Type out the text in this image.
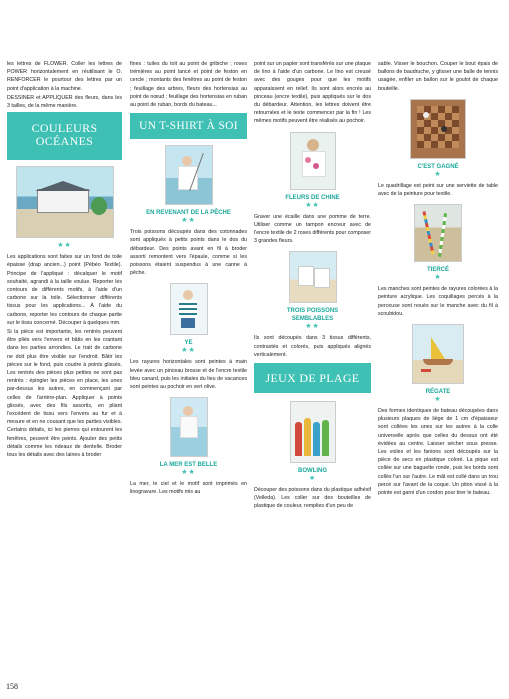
les lettres de FLOWER. Coller les lettres de POWER horizontalement en réutilisant le O. RENFORCER le pourtour des lettres par un point d'application à la machine.

DESSINER et APPLIQUER des fleurs, dans les 3 tailles, de la même manière.

COULEURS OCÉANES
★★

Les applications sont faites sur un fond de toile épaisse (drap ancien...) point (Pébéo Textile). Principe de l'appliqué : décalquer le motif souhaité, agrandi à la taille voulue. Reporter les contours de différents motifs, à l'aide d'un carbone sur la toile. Sélectionner différents tissus pour les applications... À l'aide du carbone, reporter les contours de chaque partie sur le tissu concerné. Découper à quelques mm.

Si la pièce est importante, les rentrés peuvent être pliés vers l'envers et bâtis en les crantant dans les parties arrondies. Le trait de carbone ne doit plus être visible sur l'endroit. Bâtir les pièces sur le fond, puis coudre à points glissés. Les rentrés des pièces plus petites ne sont pas rentrés : épingler les pièces en place, les unes par-dessus les autres, en commençant par celles de l'arrière-plan. Appliquer à points glissés, avec des fils assortis, en pliant l'excédent de tissu vers l'envers au fur et à mesure et en ne cousant que les parties visibles. Certains détails, ici les pierres qui entourent les fenêtres, peuvent être peints. Ajouter des petits détails comme les rideaux de dentelle. Broder tous les détails avec des laines à broder

fines : tuiles du toit au point de gribiche ; roses trémières au point lancé et point de feston en cercle ; montants des fenêtres au point de feston ; feuillage des arbres, fleurs des hortensias au point de nœud ; feuillage des hortensias en ruban au point de ruban, bords du bateau...

UN T-SHIRT À SOI
EN REVENANT DE LA PÊCHE
★★

Trois poissons découpés dans des cotonnades sont appliqués à petits points dans le dos du débardeur. Des points avant en fil à broder assorti remontent vers l'épaule, comme si les poissons étaient suspendus à une canne à pêche.

YE
★★

Les rayures horizontales sont peintes à main levée avec un pinceau brosse et de l'encre textile bleu canard, puis les initiales du lieu de vacances sont peintes au pochoir en vert olive.

LA MER EST BELLE
★★

La mer, le ciel et le motif sont imprimés en linogravure. Les motifs mis au

point sur un papier sont transférés sur une plaque de lino à l'aide d'un carbone. Le lino est creusé avec des gouges pour que les motifs apparaissent en relief. Ils sont alors encrés au pinceau (encre textile), puis appliqués sur le dos du débardeur. Attention, les lettres doivent être retournées et le texte commencer par la fin ! Les mêmes motifs peuvent être réalisés au pochoir.

FLEURS DE CHINE
★★

Graver une écaille dans une pomme de terre. Utiliser comme un tampon encreur avec de l'encre textile de 2 roses différents pour composer 3 grandes fleurs.

TROIS POISSONS
SEMBLABLES
★★

Ils sont découpés dans 3 tissus différents, contrastés et colorés, puis appliqués alignés verticalement.

JEUX DE PLAGE
BOWLING
★

Découper des poissons dans du plastique adhésif (Velleda). Les coller sur des bouteilles de plastique de couleur, remplies d'un peu de

sable. Visser le bouchon. Couper le bout épais de ballons de baudruche, y glisser une balle de tennis usagée, enfiler un ballon sur le goulot de chaque bouteille.

C'EST GAGNÉ
★

Le quadrillage est peint sur une serviette de table avec de la peinture pour textile.

TIERCÉ
★

Les manches sont peintes de rayures colorées à la peinture acrylique. Les coquillages percés à la perceuse sont noués sur le manche avec du fil à scoubidou.

RÉGATE
★

Des formes identiques de bateau découpées dans plusieurs plaques de liège de 1 cm d'épaisseur sont collées les unes sur les autres à la colle universelle après que celles du dessus ont été évidées au centre. Laisser sécher sous presse. Les voiles et les fanions sont découpés sur la pièce de secs en plastique coloré. La pique est collée sur une baguette ronde, puis les bords sont collés l'un sur l'autre. Le mât est collé dans un trou percé sur l'avant de la coque. Un piton vissé à la pointe est garni d'un cordon pour tirer le bateau.

158
